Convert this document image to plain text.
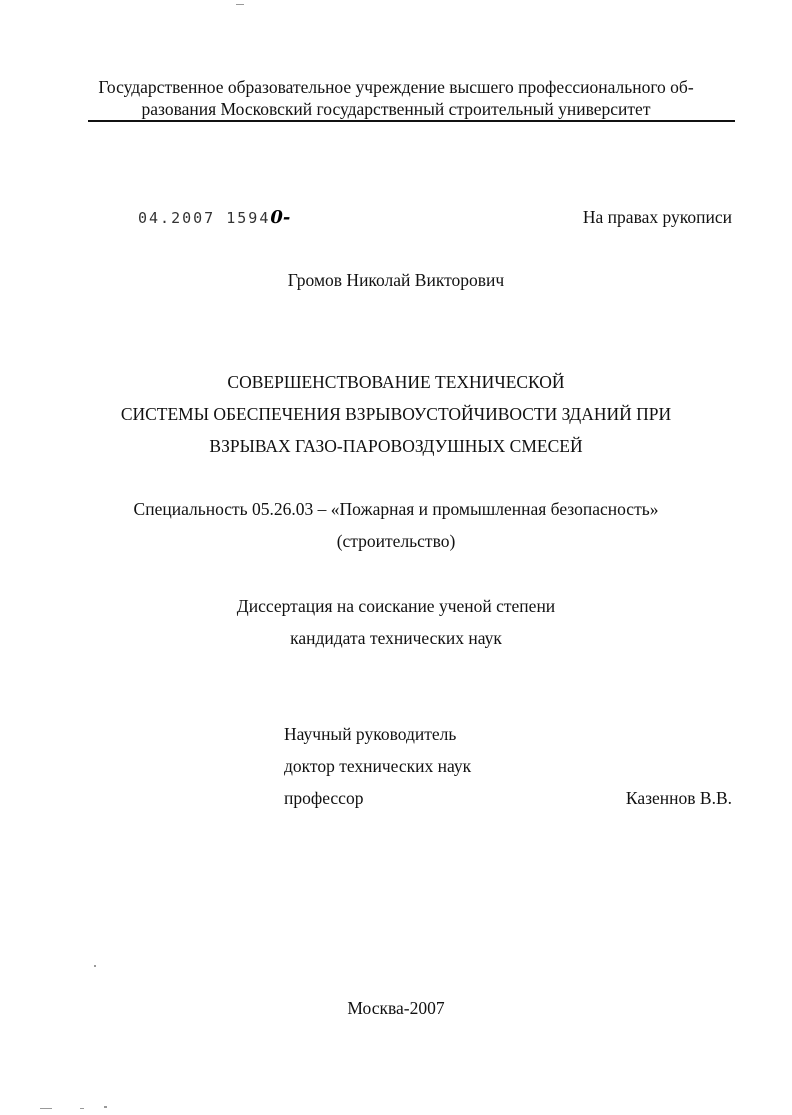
Государственное образовательное учреждение высшего профессионального об-
разования Московский государственный строительный университет
04.2007 15940-	На правах рукописи
Громов Николай Викторович
СОВЕРШЕНСТВОВАНИЕ ТЕХНИЧЕСКОЙ
СИСТЕМЫ ОБЕСПЕЧЕНИЯ ВЗРЫВОУСТОЙЧИВОСТИ ЗДАНИЙ ПРИ
ВЗРЫВАХ ГАЗО-ПАРОВОЗДУШНЫХ СМЕСЕЙ
Специальность 05.26.03 – «Пожарная и промышленная безопасность»
(строительство)
Диссертация на соискание ученой степени
кандидата технических наук
Научный руководитель
доктор технических наук
профессор	Казеннов В.В.
Москва-2007
